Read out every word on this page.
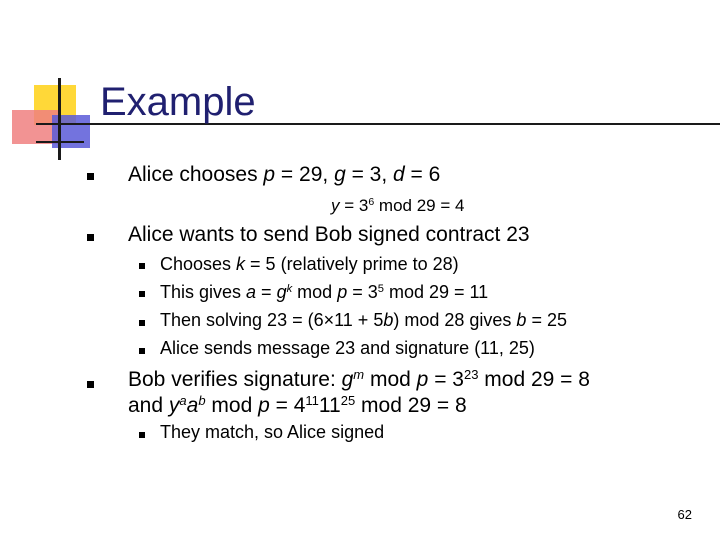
Example
Alice chooses p = 29, g = 3, d = 6
$y = 3^6$ mod 29 = 4
Alice wants to send Bob signed contract 23
Chooses k = 5 (relatively prime to 28)
This gives $a = g^k$ mod $p = 3^5$ mod 29 = 11
Then solving 23 = (6×11 + 5b) mod 28 gives b = 25
Alice sends message 23 and signature (11, 25)
Bob verifies signature: $g^m$ mod $p = 3^{23}$ mod 29 = 8
and $y^aa^b$ mod $p = 4^{11}11^{25}$ mod 29 = 8
They match, so Alice signed
62
